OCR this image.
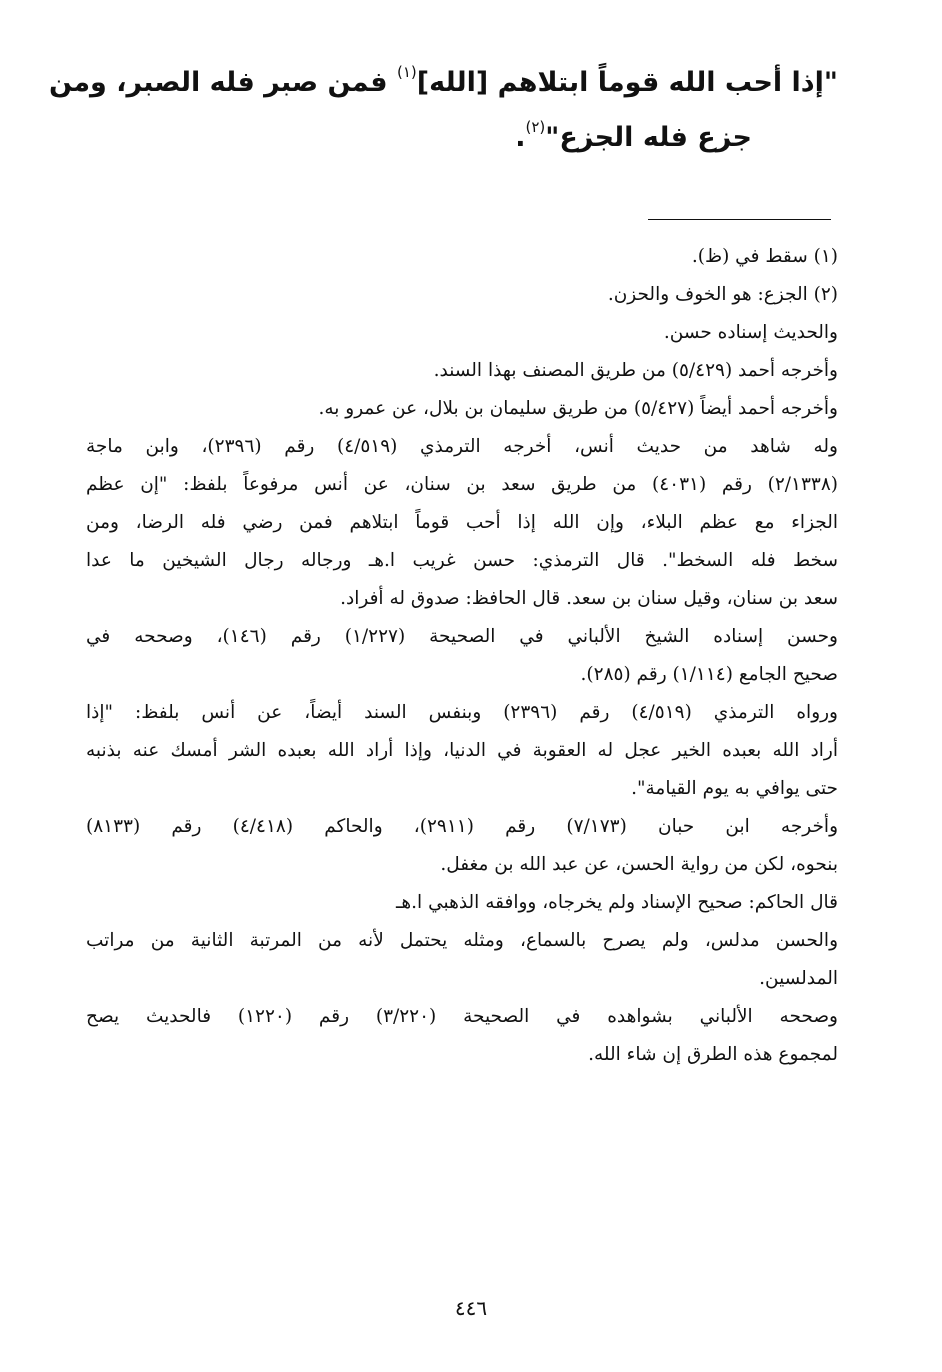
"إذا أحب الله قوماً ابتلاهم [الله]$^{(١)}$ فمن صبر فله الصبر، ومن
جزع فله الجزع"$^{(٢)}$.
(١) سقط في (ظ).
(٢) الجزع: هو الخوف والحزن.
والحديث إسناده حسن.
وأخرجه أحمد (٥/٤٢٩) من طريق المصنف بهذا السند.
وأخرجه أحمد أيضاً (٥/٤٢٧) من طريق سليمان بن بلال، عن عمرو به.
وله شاهد من حديث أنس، أخرجه الترمذي (٤/٥١٩) رقم (٢٣٩٦)، وابن ماجة
(٢/١٣٣٨) رقم (٤٠٣١) من طريق سعد بن سنان، عن أنس مرفوعاً بلفظ: "إن عظم
الجزاء مع عظم البلاء، وإن الله إذا أحب قوماً ابتلاهم فمن رضي فله الرضا، ومن
سخط فله السخط". قال الترمذي: حسن غريب ا.هـ ورجاله رجال الشيخين ما عدا
سعد بن سنان، وقيل سنان بن سعد. قال الحافظ: صدوق له أفراد.
وحسن إسناده الشيخ الألباني في الصحيحة (١/٢٢٧) رقم (١٤٦)، وصححه في
صحيح الجامع (١/١١٤) رقم (٢٨٥).
ورواه الترمذي (٤/٥١٩) رقم (٢٣٩٦) وبنفس السند أيضاً، عن أنس بلفظ: "إذا
أراد الله بعبده الخير عجل له العقوبة في الدنيا، وإذا أراد الله بعبده الشر أمسك عنه بذنبه
حتى يوافي به يوم القيامة".
وأخرجه ابن حبان (٧/١٧٣) رقم (٢٩١١)، والحاكم (٤/٤١٨) رقم (٨١٣٣)
بنحوه، لكن من رواية الحسن، عن عبد الله بن مغفل.
قال الحاكم: صحيح الإسناد ولم يخرجاه، ووافقه الذهبي ا.هـ
والحسن مدلس، ولم يصرح بالسماع، ومثله يحتمل لأنه من المرتبة الثانية من مراتب
المدلسين.
وصححه الألباني بشواهده في الصحيحة (٣/٢٢٠) رقم (١٢٢٠) فالحديث يصح
لمجموع هذه الطرق إن شاء الله.
٤٤٦
